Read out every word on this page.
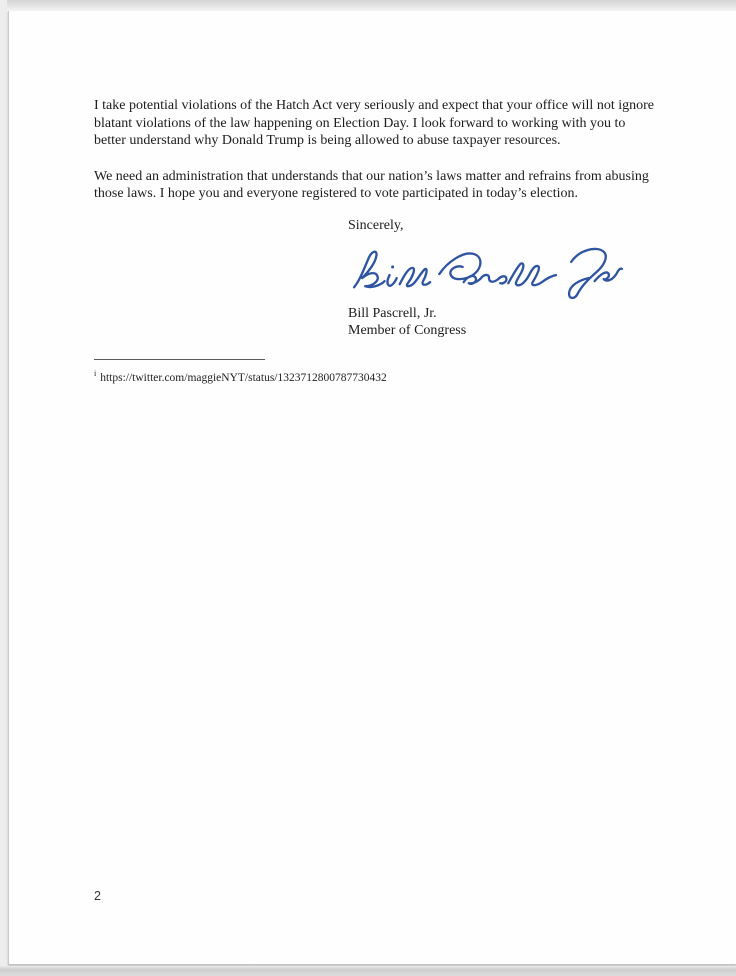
I take potential violations of the Hatch Act very seriously and expect that your office will not ignore blatant violations of the law happening on Election Day. I look forward to working with you to better understand why Donald Trump is being allowed to abuse taxpayer resources.

We need an administration that understands that our nation’s laws matter and refrains from abusing those laws. I hope you and everyone registered to vote participated in today’s election.

Sincerely,
Bill Pascrell, Jr.
Member of Congress
$^i$ https://twitter.com/maggieNYT/status/1323712800787730432
2
